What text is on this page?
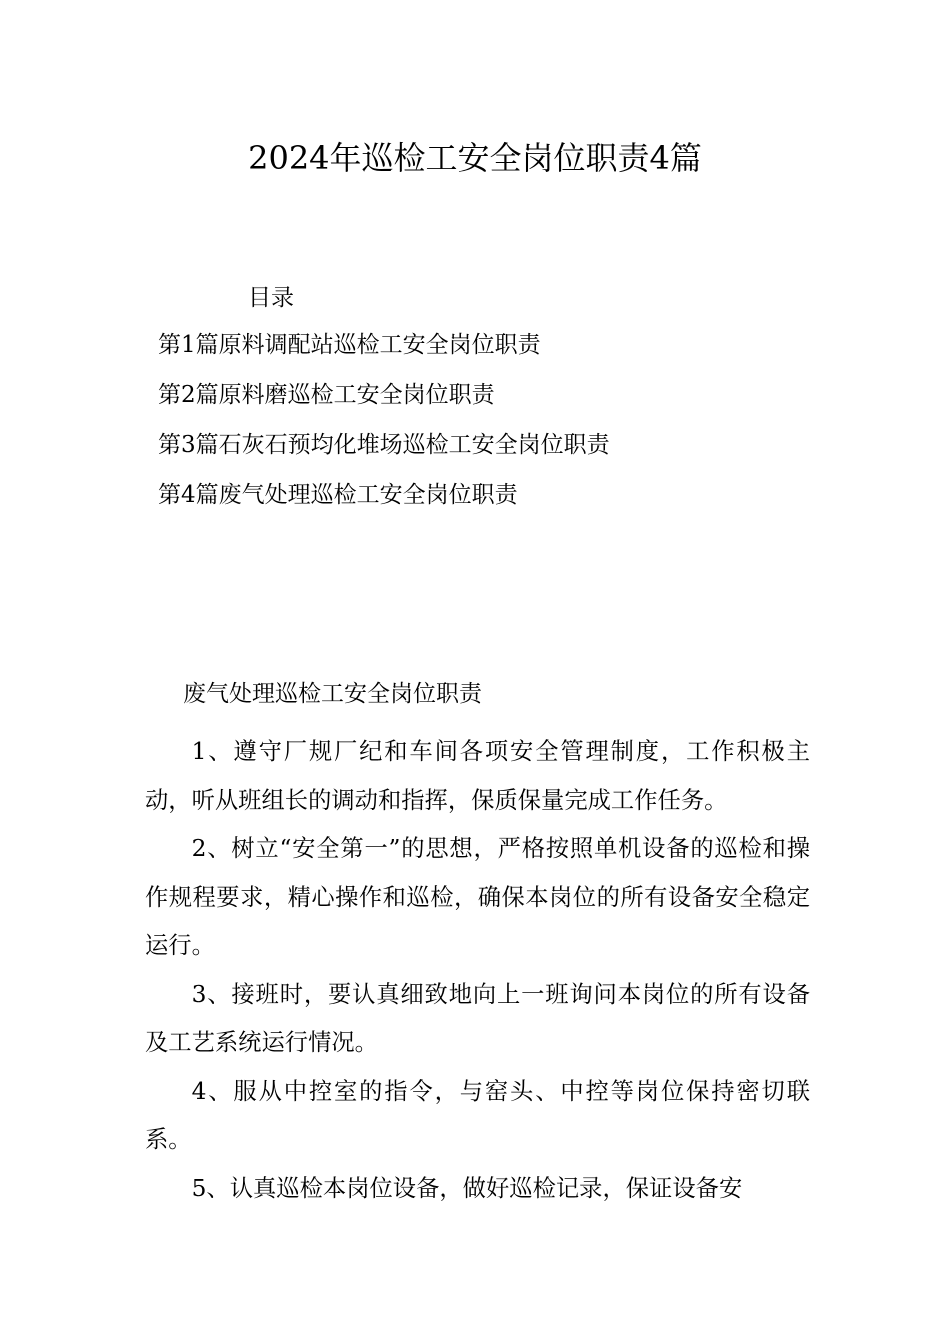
2024年巡检工安全岗位职责4篇
目录
第1篇原料调配站巡检工安全岗位职责
第2篇原料磨巡检工安全岗位职责
第3篇石灰石预均化堆场巡检工安全岗位职责
第4篇废气处理巡检工安全岗位职责
废气处理巡检工安全岗位职责

1、遵守厂规厂纪和车间各项安全管理制度，工作积极主动，听从班组长的调动和指挥，保质保量完成工作任务。

2、树立“安全第一”的思想，严格按照单机设备的巡检和操作规程要求，精心操作和巡检，确保本岗位的所有设备安全稳定运行。

3、接班时，要认真细致地向上一班询问本岗位的所有设备及工艺系统运行情况。

4、服从中控室的指令，与窑头、中控等岗位保持密切联系。

5、认真巡检本岗位设备，做好巡检记录，保证设备安
